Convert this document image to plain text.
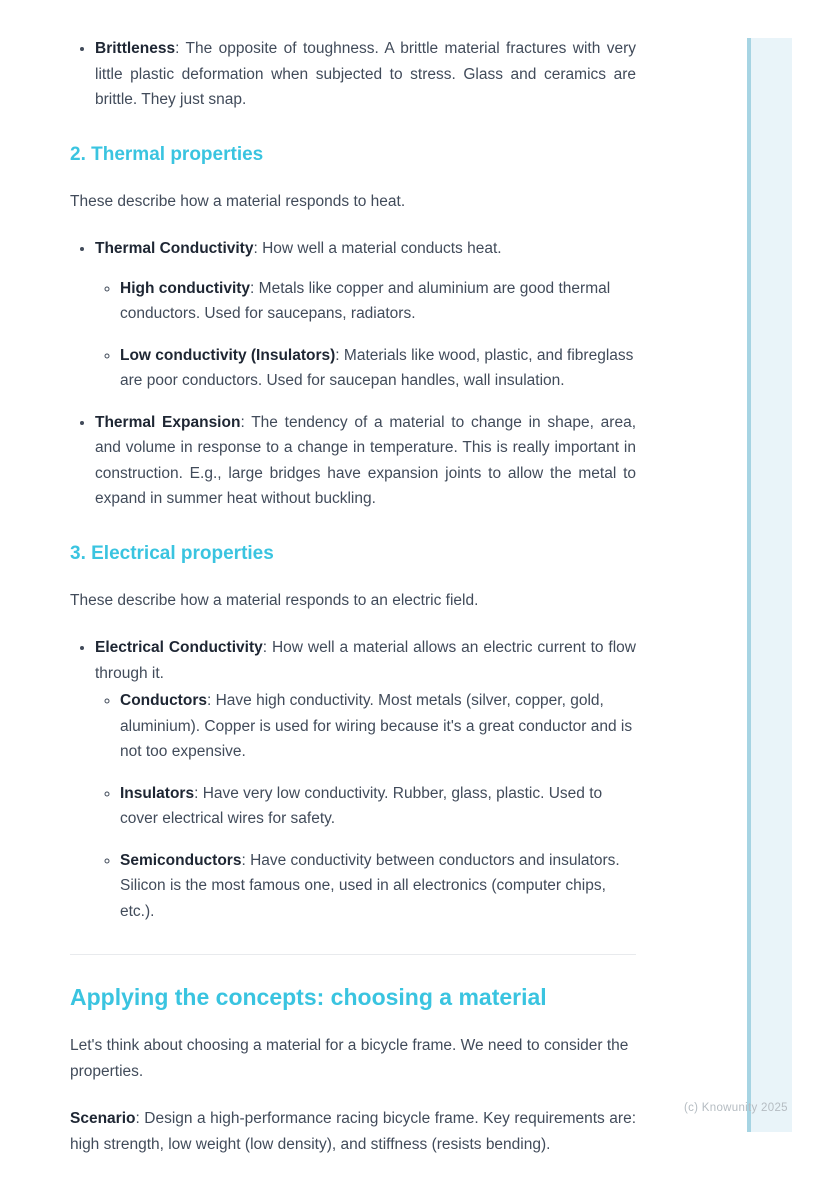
• Brittleness: The opposite of toughness. A brittle material fractures with very little plastic deformation when subjected to stress. Glass and ceramics are brittle. They just snap.

2. Thermal properties

These describe how a material responds to heat.

• Thermal Conductivity: How well a material conducts heat.

◦ High conductivity: Metals like copper and aluminium are good thermal conductors. Used for saucepans, radiators.

◦ Low conductivity (Insulators): Materials like wood, plastic, and fibreglass are poor conductors. Used for saucepan handles, wall insulation.

• Thermal Expansion: The tendency of a material to change in shape, area, and volume in response to a change in temperature. This is really important in construction. E.g., large bridges have expansion joints to allow the metal to expand in summer heat without buckling.

3. Electrical properties

These describe how a material responds to an electric field.

• Electrical Conductivity: How well a material allows an electric current to flow through it.

◦ Conductors: Have high conductivity. Most metals (silver, copper, gold, aluminium). Copper is used for wiring because it's a great conductor and is not too expensive.

◦ Insulators: Have very low conductivity. Rubber, glass, plastic. Used to cover electrical wires for safety.

◦ Semiconductors: Have conductivity between conductors and insulators. Silicon is the most famous one, used in all electronics (computer chips, etc.).

Applying the concepts: choosing a material

Let's think about choosing a material for a bicycle frame. We need to consider the properties.

Scenario: Design a high-performance racing bicycle frame. Key requirements are: high strength, low weight (low density), and stiffness (resists bending).

(c) Knowunity 2025
